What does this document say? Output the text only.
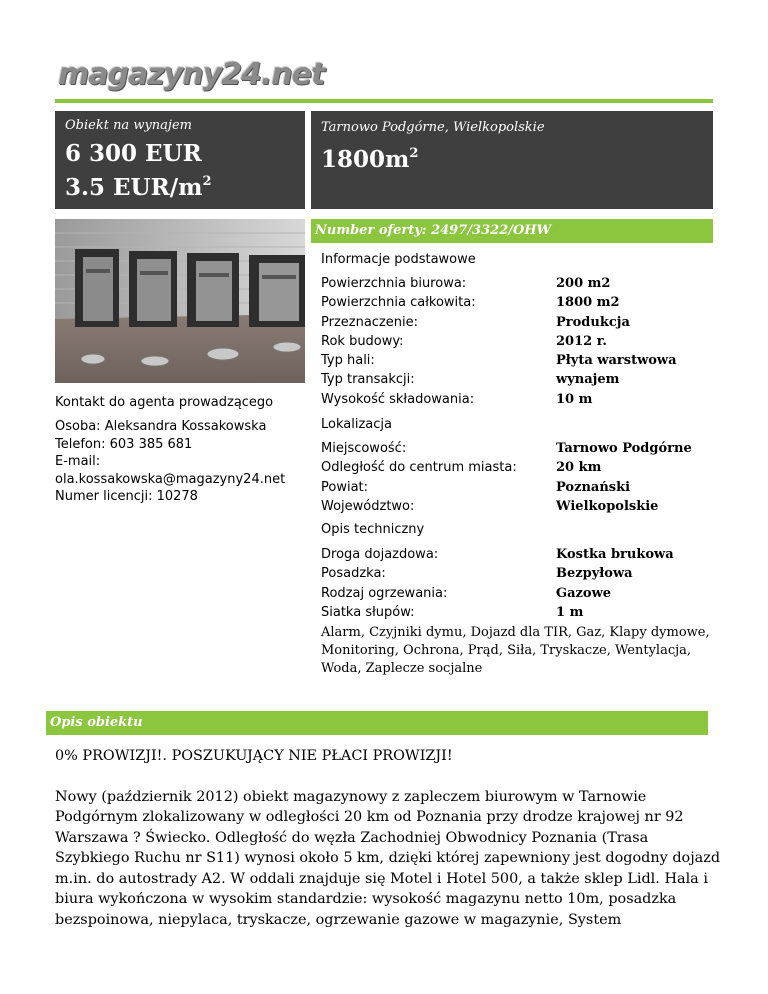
magazyny24.net
Obiekt na wynajem
6 300 EUR
3.5 EUR/$m^2$
Tarnowo Podgórne, Wielkopolskie
$1800m^2$
Number oferty: 2497/3322/OHW
Kontakt do agenta prowadzącego
Osoba: Aleksandra Kossakowska
Telefon: 603 385 681
E-mail:
ola.kossakowska@magazyny24.net
Numer licencji: 10278
Informacje podstawowe
Powierzchnia biurowa:	200 m2
Powierzchnia całkowita:	1800 m2
Przeznaczenie:	Produkcja
Rok budowy:	2012 r.
Typ hali:	Płyta warstwowa
Typ transakcji:	wynajem
Wysokość składowania:	10 m
Lokalizacja
Miejscowość:	Tarnowo Podgórne
Odległość do centrum miasta:	20 km
Powiat:	Poznański
Województwo:	Wielkopolskie
Opis techniczny
Droga dojazdowa:	Kostka brukowa
Posadzka:	Bezpyłowa
Rodzaj ogrzewania:	Gazowe
Siatka słupów:	1 m
Alarm, Czyjniki dymu, Dojazd dla TIR, Gaz, Klapy dymowe, Monitoring, Ochrona, Prąd, Siła, Tryskacze, Wentylacja, Woda, Zaplecze socjalne
Opis obiektu

0% PROWIZJI!. POSZUKUJĄCY NIE PŁACI PROWIZJI!

Nowy (październik 2012) obiekt magazynowy z zapleczem biurowym w Tarnowie Podgórnym zlokalizowany w odległości 20 km od Poznania przy drodze krajowej nr 92 Warszawa ? Świecko. Odległość do węzła Zachodniej Obwodnicy Poznania (Trasa Szybkiego Ruchu nr S11) wynosi około 5 km, dzięki której zapewniony jest dogodny dojazd m.in. do autostrady A2. W oddali znajduje się Motel i Hotel 500, a także sklep Lidl. Hala i biura wykończona w wysokim standardzie: wysokość magazynu netto 10m, posadzka bezspoinowa, niepylaca, tryskacze, ogrzewanie gazowe w magazynie, System
